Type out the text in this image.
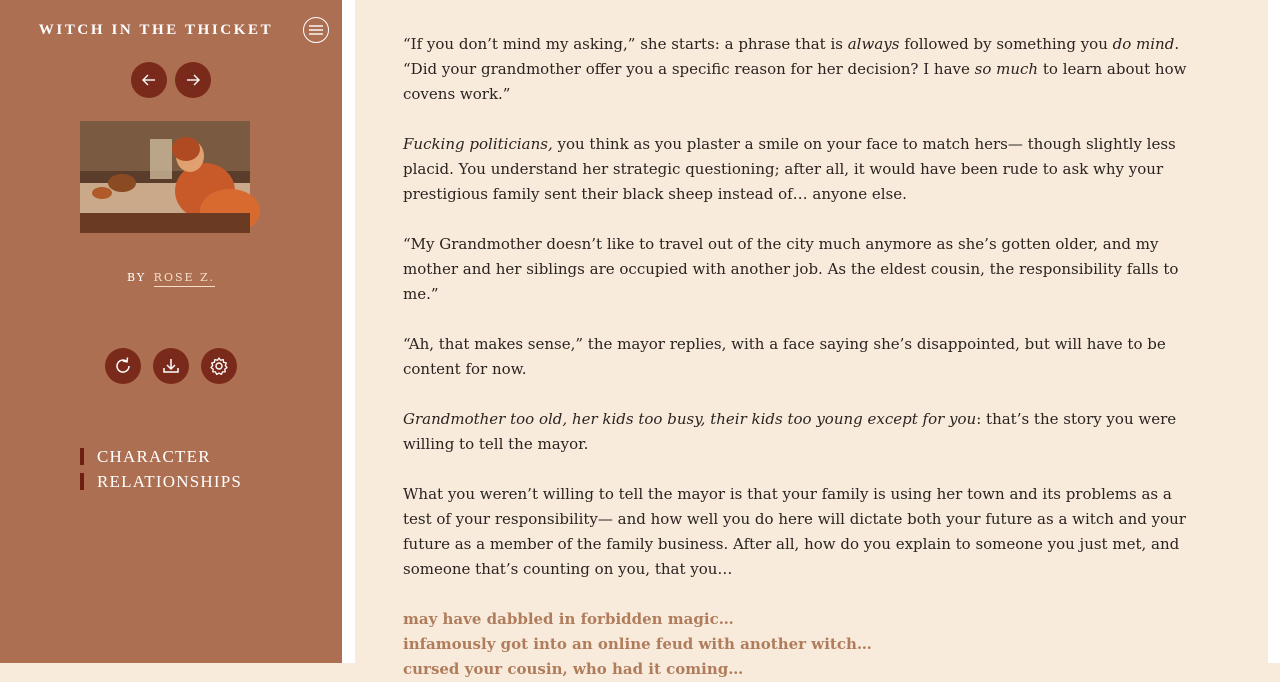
WITCH IN THE THICKET
BY ROSE Z.
CHARACTER
RELATIONSHIPS

“If you don’t mind my asking,” she starts: a phrase that is always followed by something you do mind. “Did your grandmother offer you a specific reason for her decision? I have so much to learn about how covens work.”

Fucking politicians, you think as you plaster a smile on your face to match hers— though slightly less placid. You understand her strategic questioning; after all, it would have been rude to ask why your prestigious family sent their black sheep instead of… anyone else.

“My Grandmother doesn’t like to travel out of the city much anymore as she’s gotten older, and my mother and her siblings are occupied with another job. As the eldest cousin, the responsibility falls to me.”

“Ah, that makes sense,” the mayor replies, with a face saying she’s disappointed, but will have to be content for now.

Grandmother too old, her kids too busy, their kids too young except for you: that’s the story you were willing to tell the mayor.

What you weren’t willing to tell the mayor is that your family is using her town and its problems as a test of your responsibility— and how well you do here will dictate both your future as a witch and your future as a member of the family business. After all, how do you explain to someone you just met, and someone that’s counting on you, that you…

may have dabbled in forbidden magic…
infamously got into an online feud with another witch…
cursed your cousin, who had it coming…
